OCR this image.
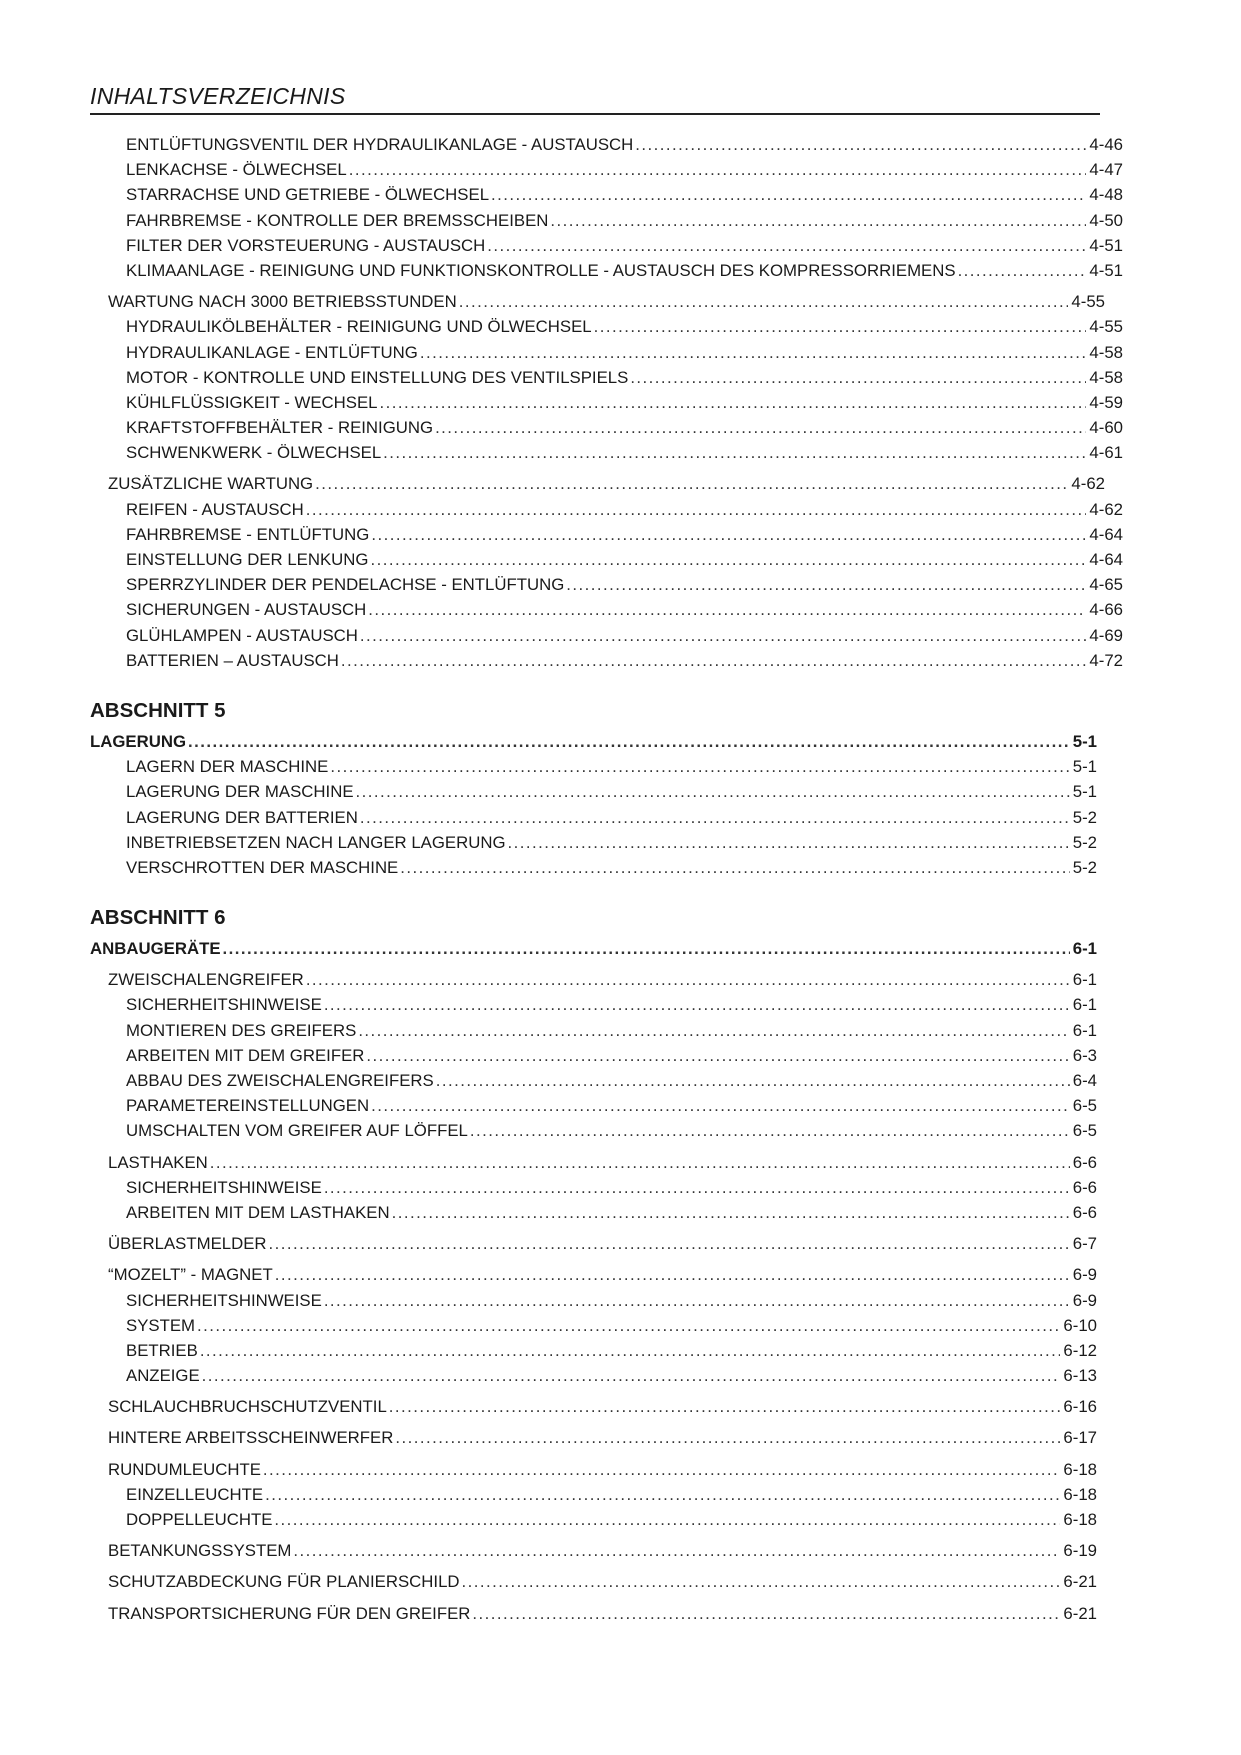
INHALTSVERZEICHNIS
ENTLÜFTUNGSVENTIL DER HYDRAULIKANLAGE - AUSTAUSCH . . .	4-46
LENKACHSE - ÖLWECHSEL . . .	4-47
STARRACHSE UND GETRIEBE - ÖLWECHSEL . . .	4-48
FAHRBREMSE - KONTROLLE DER BREMSSCHEIBEN . . .	4-50
FILTER DER VORSTEUERUNG - AUSTAUSCH . . .	4-51
KLIMAANLAGE - REINIGUNG UND FUNKTIONSKONTROLLE - AUSTAUSCH DES KOMPRESSORRIEMENS . . .	4-51
WARTUNG NACH 3000 BETRIEBSSTUNDEN . . .	4-55
HYDRAULIKÖLBEHÄLTER - REINIGUNG UND ÖLWECHSEL . . .	4-55
HYDRAULIKANLAGE - ENTLÜFTUNG . . .	4-58
MOTOR - KONTROLLE UND EINSTELLUNG DES VENTILSPIELS . . .	4-58
KÜHLFLÜSSIGKEIT - WECHSEL . . .	4-59
KRAFTSTOFFBEHÄLTER - REINIGUNG . . .	4-60
SCHWENKWERK - ÖLWECHSEL . . .	4-61
ZUSÄTZLICHE WARTUNG . . .	4-62
REIFEN - AUSTAUSCH . . .	4-62
FAHRBREMSE - ENTLÜFTUNG . . .	4-64
EINSTELLUNG DER LENKUNG . . .	4-64
SPERRZYLINDER DER PENDELACHSE - ENTLÜFTUNG . . .	4-65
SICHERUNGEN - AUSTAUSCH . . .	4-66
GLÜHLAMPEN - AUSTAUSCH . . .	4-69
BATTERIEN – AUSTAUSCH . . .	4-72
ABSCHNITT 5
LAGERUNG . . .	5-1
LAGERN DER MASCHINE . . .	5-1
LAGERUNG DER MASCHINE . . .	5-1
LAGERUNG DER BATTERIEN . . .	5-2
INBETRIEBSETZEN NACH LANGER LAGERUNG . . .	5-2
VERSCHROTTEN DER MASCHINE . . .	5-2
ABSCHNITT 6
ANBAUGERÄTE . . .	6-1
ZWEISCHALENGREIFER . . .	6-1
SICHERHEITSHINWEISE . . .	6-1
MONTIEREN DES GREIFERS . . .	6-1
ARBEITEN MIT DEM GREIFER . . .	6-3
ABBAU DES ZWEISCHALENGREIFERS . . .	6-4
PARAMETEREINSTELLUNGEN . . .	6-5
UMSCHALTEN VOM GREIFER AUF LÖFFEL . . .	6-5
LASTHAKEN . . .	6-6
SICHERHEITSHINWEISE . . .	6-6
ARBEITEN MIT DEM LASTHAKEN . . .	6-6
ÜBERLASTMELDER . . .	6-7
“MOZELT” - MAGNET . . .	6-9
SICHERHEITSHINWEISE . . .	6-9
SYSTEM . . .	6-10
BETRIEB . . .	6-12
ANZEIGE . . .	6-13
SCHLAUCHBRUCHSCHUTZVENTIL . . .	6-16
HINTERE ARBEITSSCHEINWERFER . . .	6-17
RUNDUMLEUCHTE . . .	6-18
EINZELLEUCHTE . . .	6-18
DOPPELLEUCHTE . . .	6-18
BETANKUNGSSYSTEM . . .	6-19
SCHUTZABDECKUNG FÜR PLANIERSCHILD . . .	6-21
TRANSPORTSICHERUNG FÜR DEN GREIFER . . .	6-21
